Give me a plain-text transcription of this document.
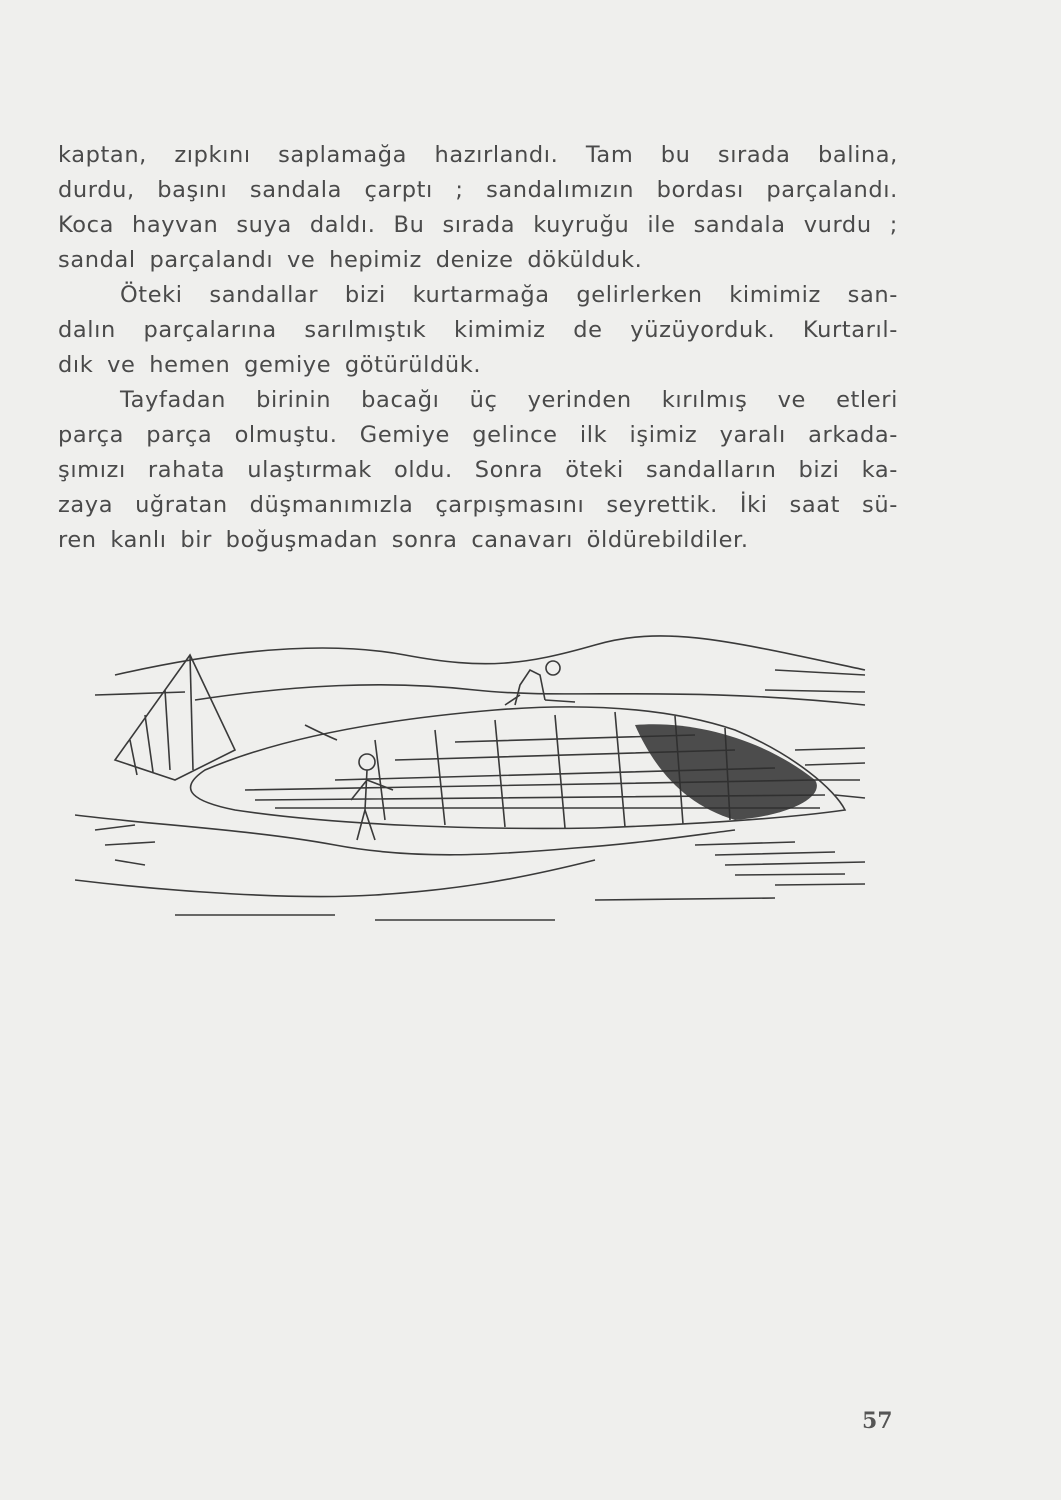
kaptan, zıpkını saplamağa hazırlandı. Tam bu sırada balina,
durdu, başını sandala çarptı ; sandalımızın bordası parçalandı.
Koca hayvan suya daldı. Bu sırada kuyruğu ile sandala vurdu ;
sandal parçalandı ve hepimiz denize dökülduk.
Öteki sandallar bizi kurtarmağa gelirlerken kimimiz san-
dalın parçalarına sarılmıştık kimimiz de yüzüyorduk. Kurtarıl-
dık ve hemen gemiye götürüldük.
Tayfadan birinin bacağı üç yerinden kırılmış ve etleri
parça parça olmuştu. Gemiye gelince ilk işimiz yaralı arkada-
şımızı rahata ulaştırmak oldu. Sonra öteki sandalların bizi ka-
zaya uğratan düşmanımızla çarpışmasını seyrettik. İki saat sü-
ren kanlı bir boğuşmadan sonra canavarı öldürebildiler.
57
